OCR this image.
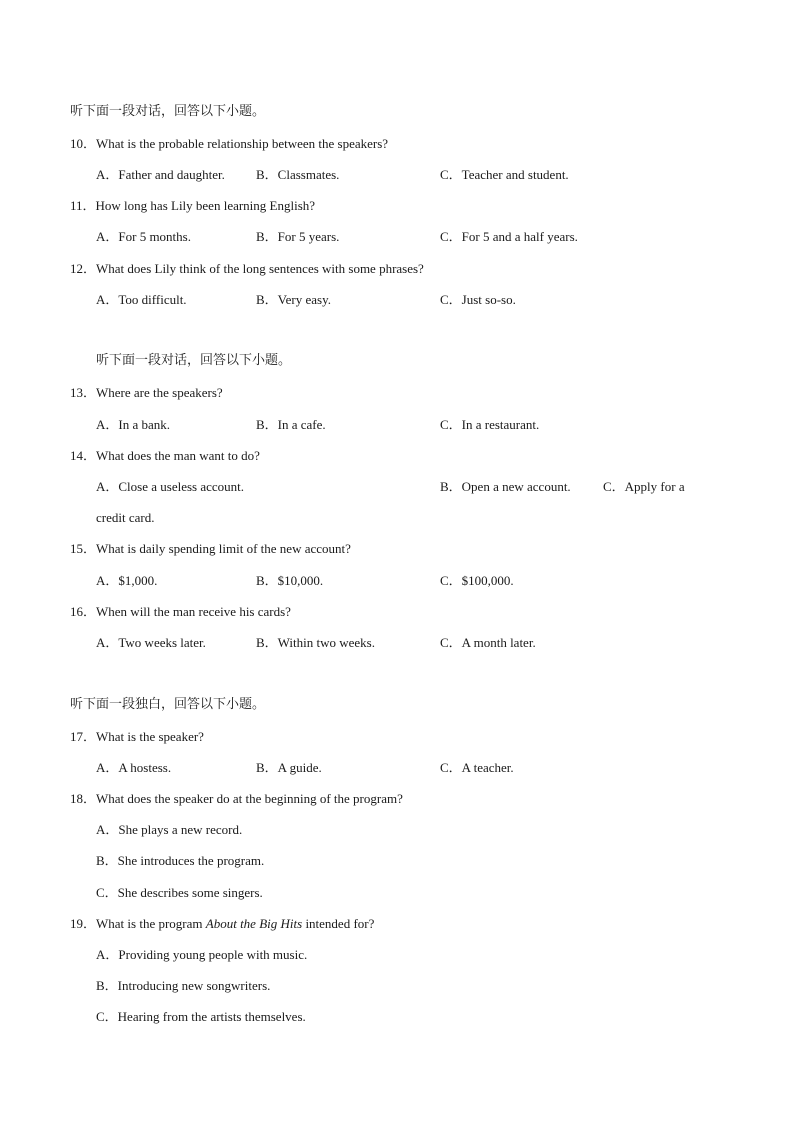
听下面一段对话，回答以下小题。
10．What is the probable relationship between the speakers?
A．Father and daughter. B．Classmates.	C．Teacher and student.
11．How long has Lily been learning English?
A．For 5 months.	B．For 5 years.	C．For 5 and a half years.
12．What does Lily think of the long sentences with some phrases?
A．Too difficult.	B．Very easy.	C．Just so-so.
听下面一段对话，回答以下小题。
13．Where are the speakers?
A．In a bank.	B．In a cafe.	C．In a restaurant.
14．What does the man want to do?
A．Close a useless account.	B．Open a new account. C．Apply for a
credit card.
15．What is daily spending limit of the new account?
A．$1,000.	B．$10,000.	C．$100,000.
16．When will the man receive his cards?
A．Two weeks later.	B．Within two weeks.	C．A month later.
听下面一段独白，回答以下小题。
17．What is the speaker?
A．A hostess.	B．A guide.	C．A teacher.
18．What does the speaker do at the beginning of the program?
A．She plays a new record.
B．She introduces the program.
C．She describes some singers.
19．What is the program About the Big Hits intended for?
A．Providing young people with music.
B．Introducing new songwriters.
C．Hearing from the artists themselves.
